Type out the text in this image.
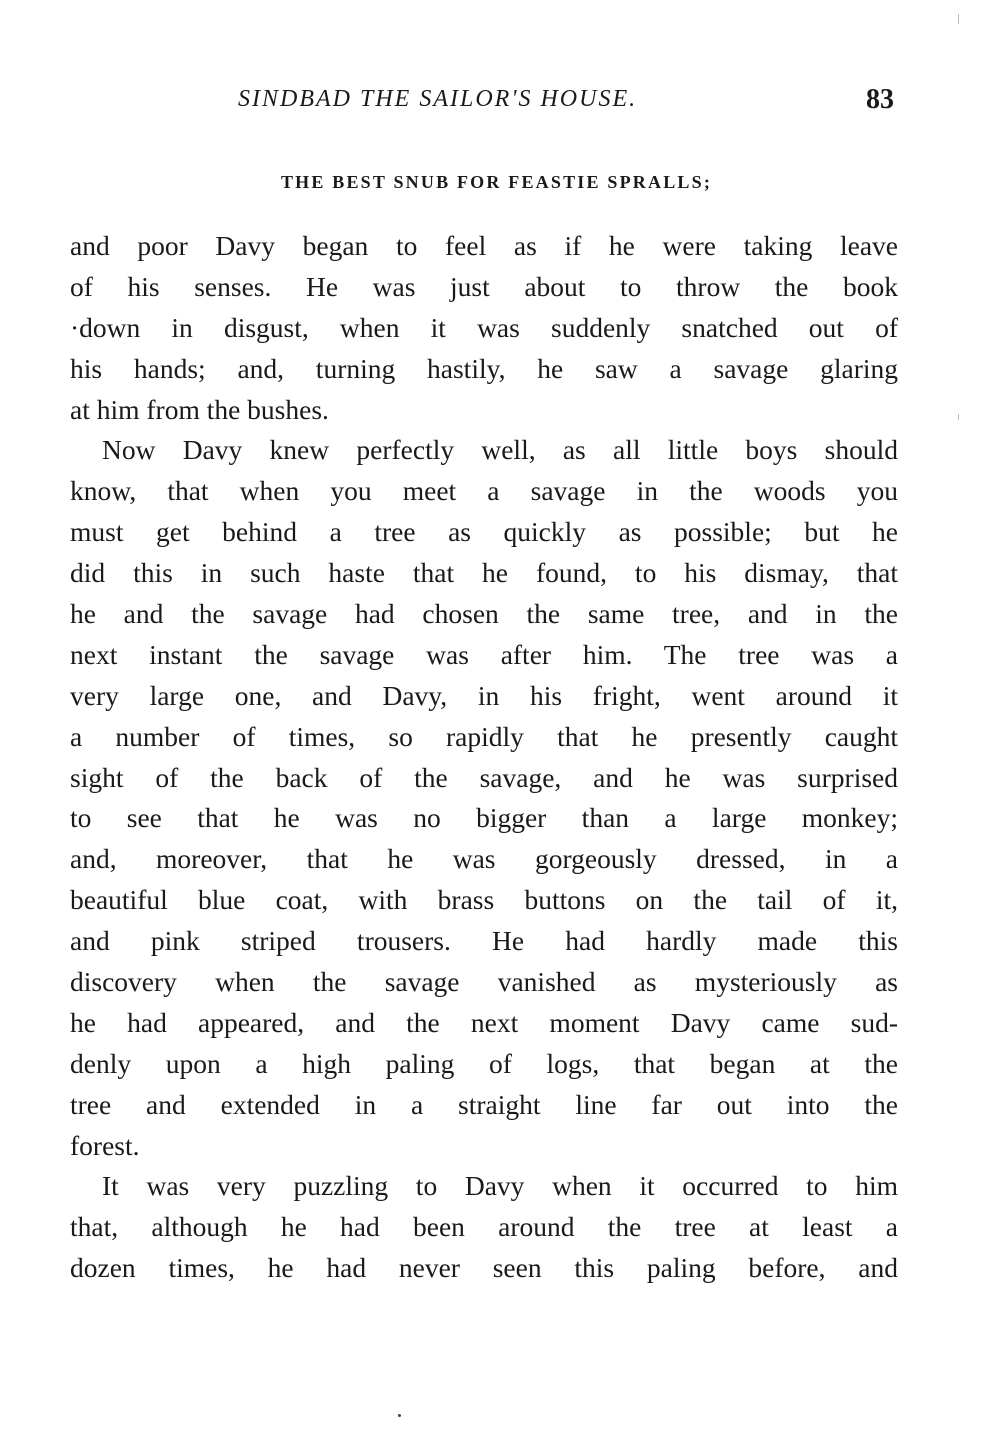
SINDBAD THE SAILOR'S HOUSE.	83
THE BEST SNUB FOR FEASTIE SPRALLS;
and poor Davy began to feel as if he were taking leave
of his senses. He was just about to throw the book
·down in disgust, when it was suddenly snatched out of
his hands; and, turning hastily, he saw a savage glaring
at him from the bushes.
Now Davy knew perfectly well, as all little boys should
know, that when you meet a savage in the woods you
must get behind a tree as quickly as possible; but he
did this in such haste that he found, to his dismay, that
he and the savage had chosen the same tree, and in the
next instant the savage was after him. The tree was a
very large one, and Davy, in his fright, went around it
a number of times, so rapidly that he presently caught
sight of the back of the savage, and he was surprised
to see that he was no bigger than a large monkey;
and, moreover, that he was gorgeously dressed, in a
beautiful blue coat, with brass buttons on the tail of it,
and pink striped trousers. He had hardly made this
discovery when the savage vanished as mysteriously as
he had appeared, and the next moment Davy came sud-
denly upon a high paling of logs, that began at the
tree and extended in a straight line far out into the
forest.
It was very puzzling to Davy when it occurred to him
that, although he had been around the tree at least a
dozen times, he had never seen this paling before, and
